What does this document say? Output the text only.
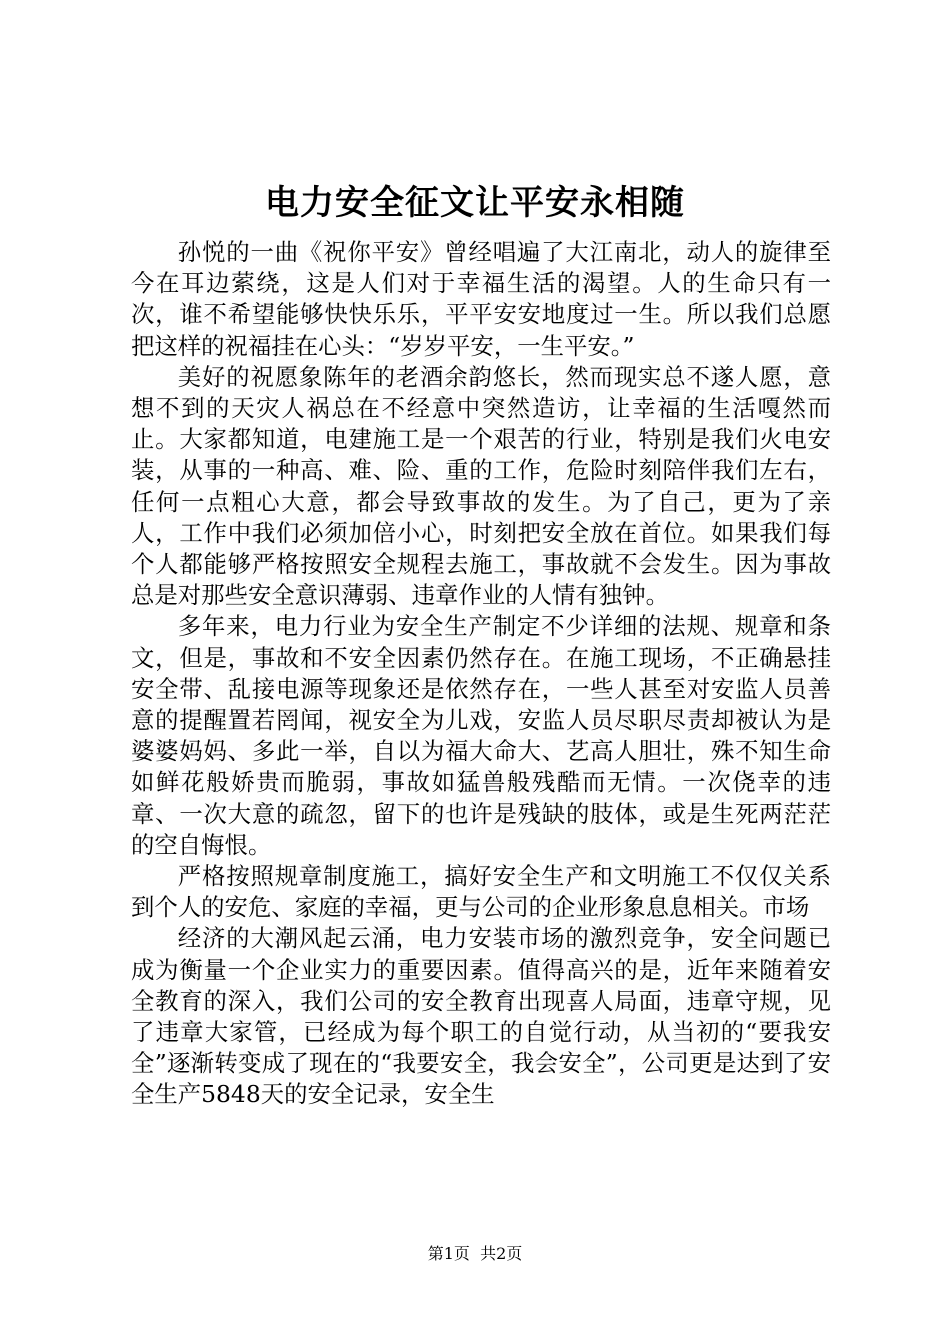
电力安全征文让平安永相随

孙悦的一曲《祝你平安》曾经唱遍了大江南北，动人的旋律至今在耳边萦绕，这是人们对于幸福生活的渴望。人的生命只有一次，谁不希望能够快快乐乐，平平安安地度过一生。所以我们总愿把这样的祝福挂在心头：“岁岁平安，一生平安。”

美好的祝愿象陈年的老酒余韵悠长，然而现实总不遂人愿，意想不到的天灾人祸总在不经意中突然造访，让幸福的生活嘎然而止。大家都知道，电建施工是一个艰苦的行业，特别是我们火电安装，从事的一种高、难、险、重的工作，危险时刻陪伴我们左右，任何一点粗心大意，都会导致事故的发生。为了自己，更为了亲人，工作中我们必须加倍小心，时刻把安全放在首位。如果我们每个人都能够严格按照安全规程去施工，事故就不会发生。因为事故总是对那些安全意识薄弱、违章作业的人情有独钟。

多年来，电力行业为安全生产制定不少详细的法规、规章和条文，但是，事故和不安全因素仍然存在。在施工现场，不正确悬挂安全带、乱接电源等现象还是依然存在，一些人甚至对安监人员善意的提醒置若罔闻，视安全为儿戏，安监人员尽职尽责却被认为是婆婆妈妈、多此一举，自以为福大命大、艺高人胆壮，殊不知生命如鲜花般娇贵而脆弱，事故如猛兽般残酷而无情。一次侥幸的违章、一次大意的疏忽，留下的也许是残缺的肢体，或是生死两茫茫的空自悔恨。

严格按照规章制度施工，搞好安全生产和文明施工不仅仅关系到个人的安危、家庭的幸福，更与公司的企业形象息息相关。市场

经济的大潮风起云涌，电力安装市场的激烈竞争，安全问题已成为衡量一个企业实力的重要因素。值得高兴的是，近年来随着安全教育的深入，我们公司的安全教育出现喜人局面，违章守规，见了违章大家管，已经成为每个职工的自觉行动，从当初的“要我安全”逐渐转变成了现在的“我要安全，我会安全”，公司更是达到了安全生产5848天的安全记录，安全生

第1页 共2页
